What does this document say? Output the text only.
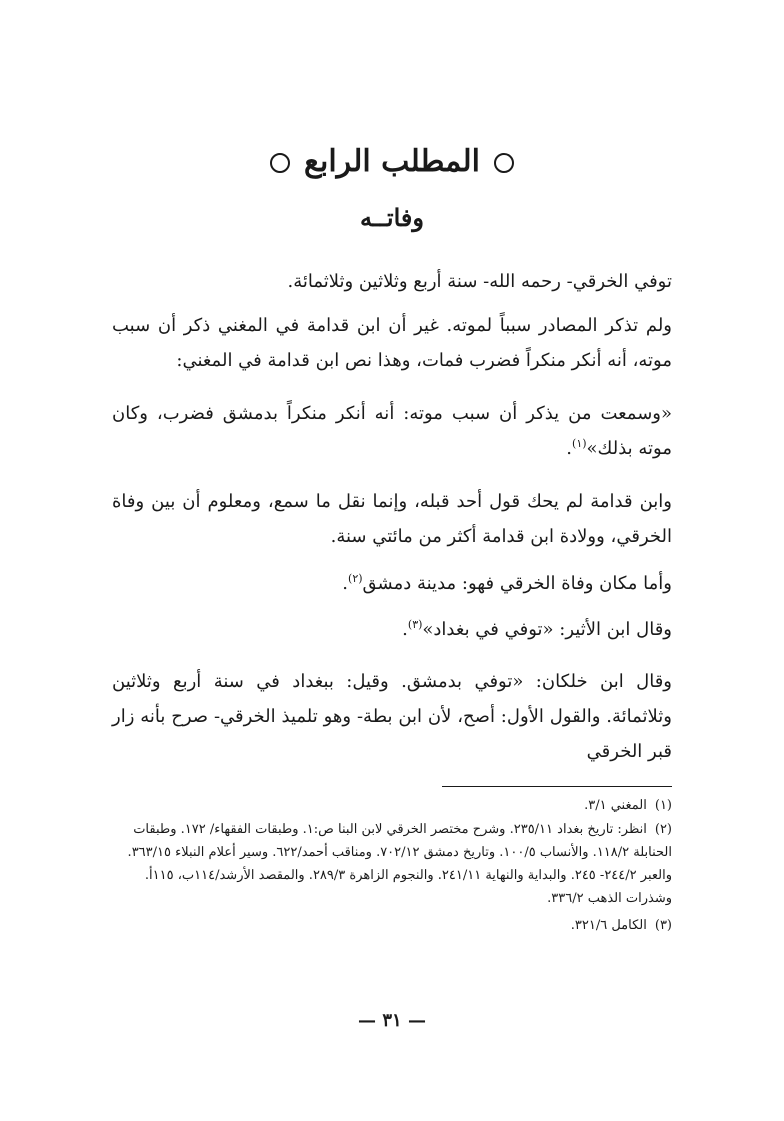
المطلب الرابع
وفاتــه
توفي الخرقي- رحمه الله- سنة أربع وثلاثين وثلاثمائة.
ولم تذكر المصادر سبباً لموته. غير أن ابن قدامة في المغني ذكر أن سبب موته، أنه أنكر منكراً فضرب فمات، وهذا نص ابن قدامة في المغني:
«وسمعت من يذكر أن سبب موته: أنه أنكر منكراً بدمشق فضرب، وكان موته بذلك»$^{(١)}$.
وابن قدامة لم يحك قول أحد قبله، وإنما نقل ما سمع، ومعلوم أن بين وفاة الخرقي، وولادة ابن قدامة أكثر من مائتي سنة.
وأما مكان وفاة الخرقي فهو: مدينة دمشق$^{(٢)}$.
وقال ابن الأثير: «توفي في بغداد»$^{(٣)}$.
وقال ابن خلكان: «توفي بدمشق. وقيل: ببغداد في سنة أربع وثلاثين وثلاثمائة. والقول الأول: أصح، لأن ابن بطة- وهو تلميذ الخرقي- صرح بأنه زار قبر الخرقي
(١)المغني ٣/١.
(٢)انظر: تاريخ بغداد ٢٣٥/١١. وشرح مختصر الخرقي لابن البنا ص:١. وطبقات الفقهاء/ ١٧٢. وطبقات الحنابلة ١١٨/٢. والأنساب ١٠٠/٥. وتاريخ دمشق ٧٠٢/١٢. ومناقب أحمد/٦٢٢. وسير أعلام النبلاء ٣٦٣/١٥. والعبر ٢٤٤/٢- ٢٤٥. والبداية والنهاية ٢٤١/١١. والنجوم الزاهرة ٢٨٩/٣. والمقصد الأرشد/١١٤ب، ١١٥أ. وشذرات الذهب ٣٣٦/٢.
(٣)الكامل ٣٢١/٦.
— ٣١ —
